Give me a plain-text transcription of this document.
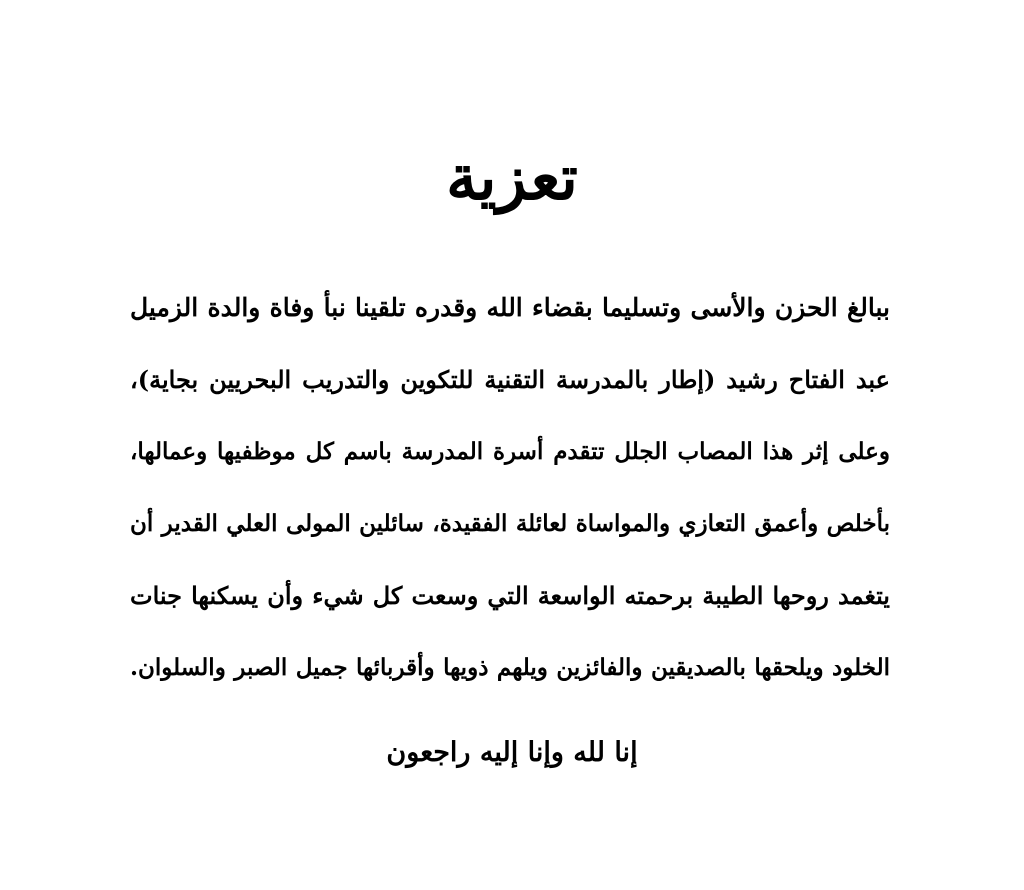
تعزية
ببالغ الحزن والأسى وتسليما بقضاء الله وقدره تلقينا نبأ وفاة والدة الزميل
عبد الفتاح رشيد (إطار بالمدرسة التقنية للتكوين والتدريب البحريين بجاية)،
وعلى إثر هذا المصاب الجلل تتقدم أسرة المدرسة باسم كل موظفيها وعمالها،
بأخلص وأعمق التعازي والمواساة لعائلة الفقيدة، سائلين المولى العلي القدير أن
يتغمد روحها الطيبة برحمته الواسعة التي وسعت كل شيء وأن يسكنها جنات
الخلود ويلحقها بالصديقين والفائزين ويلهم ذويها وأقربائها جميل الصبر والسلوان.

إنا لله وإنا إليه راجعون
